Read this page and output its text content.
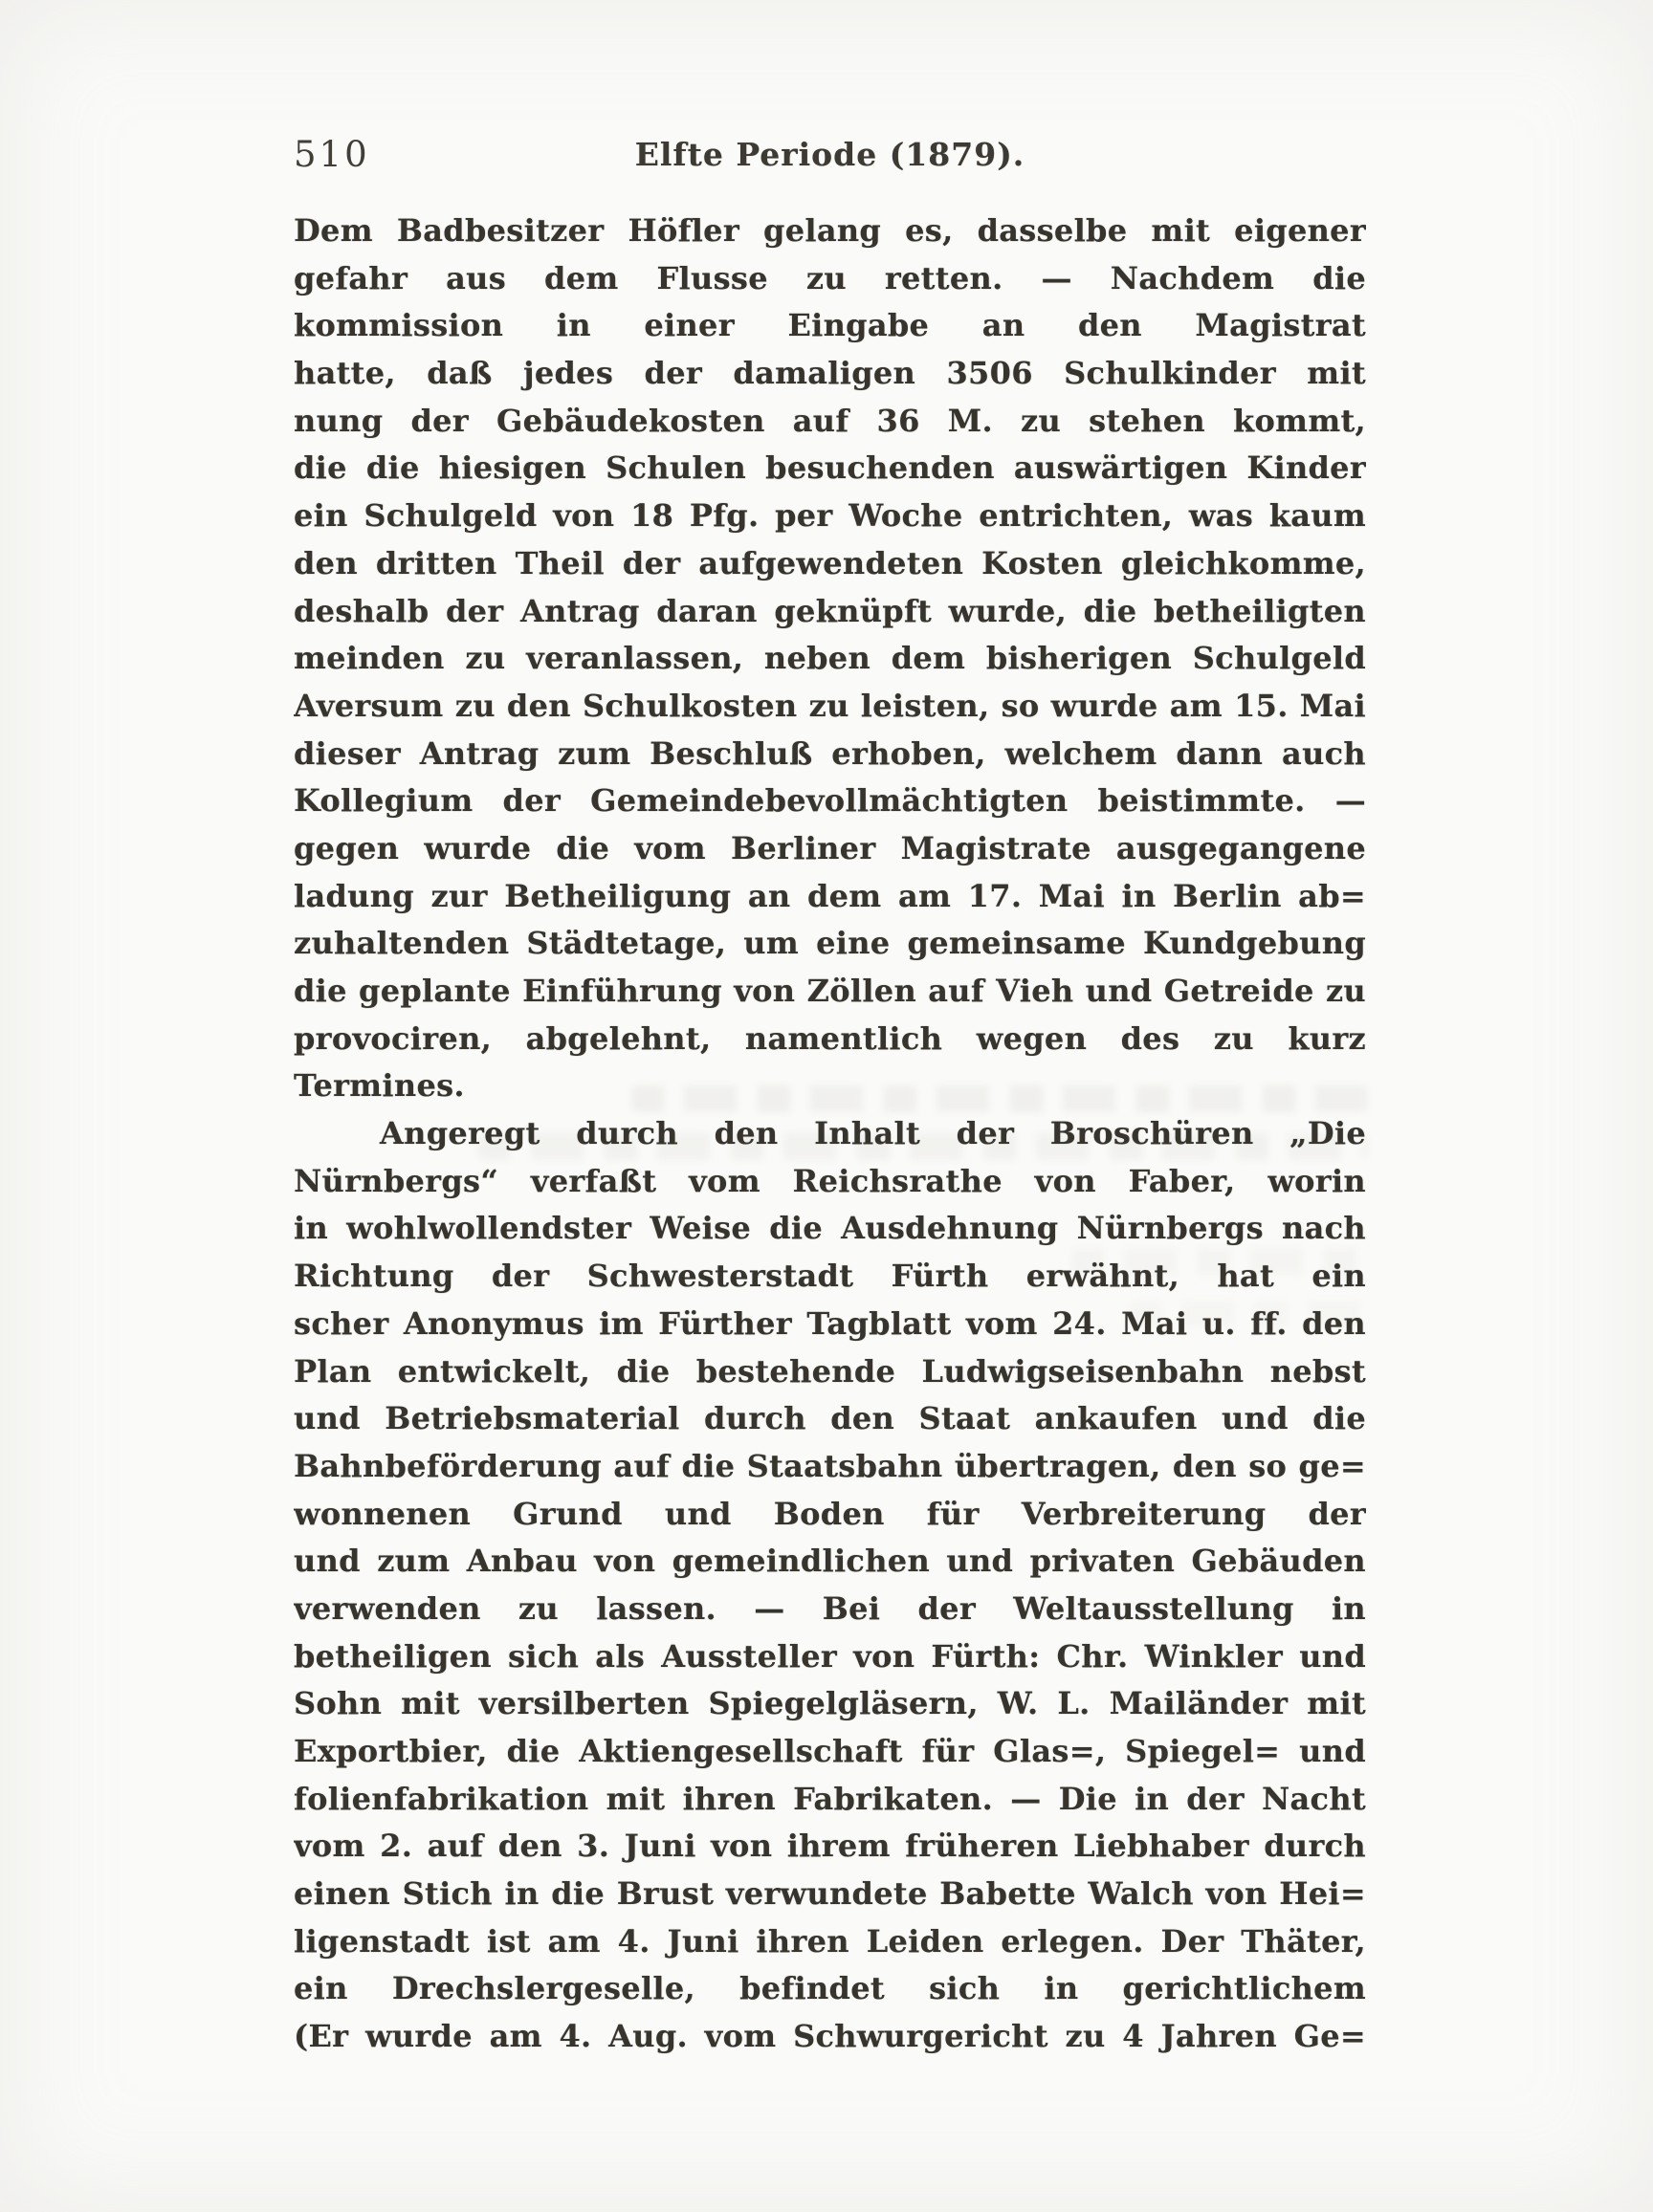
510	Elfte Periode (1879).
Dem Badbesitzer Höfler gelang es, dasselbe mit eigener
gefahr aus dem Flusse zu retten. — Nachdem die
kommission in einer Eingabe an den Magistrat
hatte, daß jedes der damaligen 3506 Schulkinder mit
nung der Gebäudekosten auf 36 M. zu stehen kommt,
die die hiesigen Schulen besuchenden auswärtigen Kinder
ein Schulgeld von 18 Pfg. per Woche entrichten, was kaum
den dritten Theil der aufgewendeten Kosten gleichkomme,
deshalb der Antrag daran geknüpft wurde, die betheiligten
meinden zu veranlassen, neben dem bisherigen Schulgeld
Aversum zu den Schulkosten zu leisten, so wurde am 15. Mai
dieser Antrag zum Beschluß erhoben, welchem dann auch
Kollegium der Gemeindebevollmächtigten beistimmte. —
gegen wurde die vom Berliner Magistrate ausgegangene
ladung zur Betheiligung an dem am 17. Mai in Berlin ab=
zuhaltenden Städtetage, um eine gemeinsame Kundgebung
die geplante Einführung von Zöllen auf Vieh und Getreide zu
provociren, abgelehnt, namentlich wegen des zu kurz
Termines.
Angeregt durch den Inhalt der Broschüren „Die
Nürnbergs“ verfaßt vom Reichsrathe von Faber, worin
in wohlwollendster Weise die Ausdehnung Nürnbergs nach
Richtung der Schwesterstadt Fürth erwähnt, hat ein
scher Anonymus im Fürther Tagblatt vom 24. Mai u. ff. den
Plan entwickelt, die bestehende Ludwigseisenbahn nebst
und Betriebsmaterial durch den Staat ankaufen und die
Bahnbeförderung auf die Staatsbahn übertragen, den so ge=
wonnenen Grund und Boden für Verbreiterung der
und zum Anbau von gemeindlichen und privaten Gebäuden
verwenden zu lassen. — Bei der Weltausstellung in
betheiligen sich als Aussteller von Fürth: Chr. Winkler und
Sohn mit versilberten Spiegelgläsern, W. L. Mailänder mit
Exportbier, die Aktiengesellschaft für Glas=, Spiegel= und
folienfabrikation mit ihren Fabrikaten. — Die in der Nacht
vom 2. auf den 3. Juni von ihrem früheren Liebhaber durch
einen Stich in die Brust verwundete Babette Walch von Hei=
ligenstadt ist am 4. Juni ihren Leiden erlegen. Der Thäter,
ein Drechslergeselle, befindet sich in gerichtlichem
(Er wurde am 4. Aug. vom Schwurgericht zu 4 Jahren Ge=
